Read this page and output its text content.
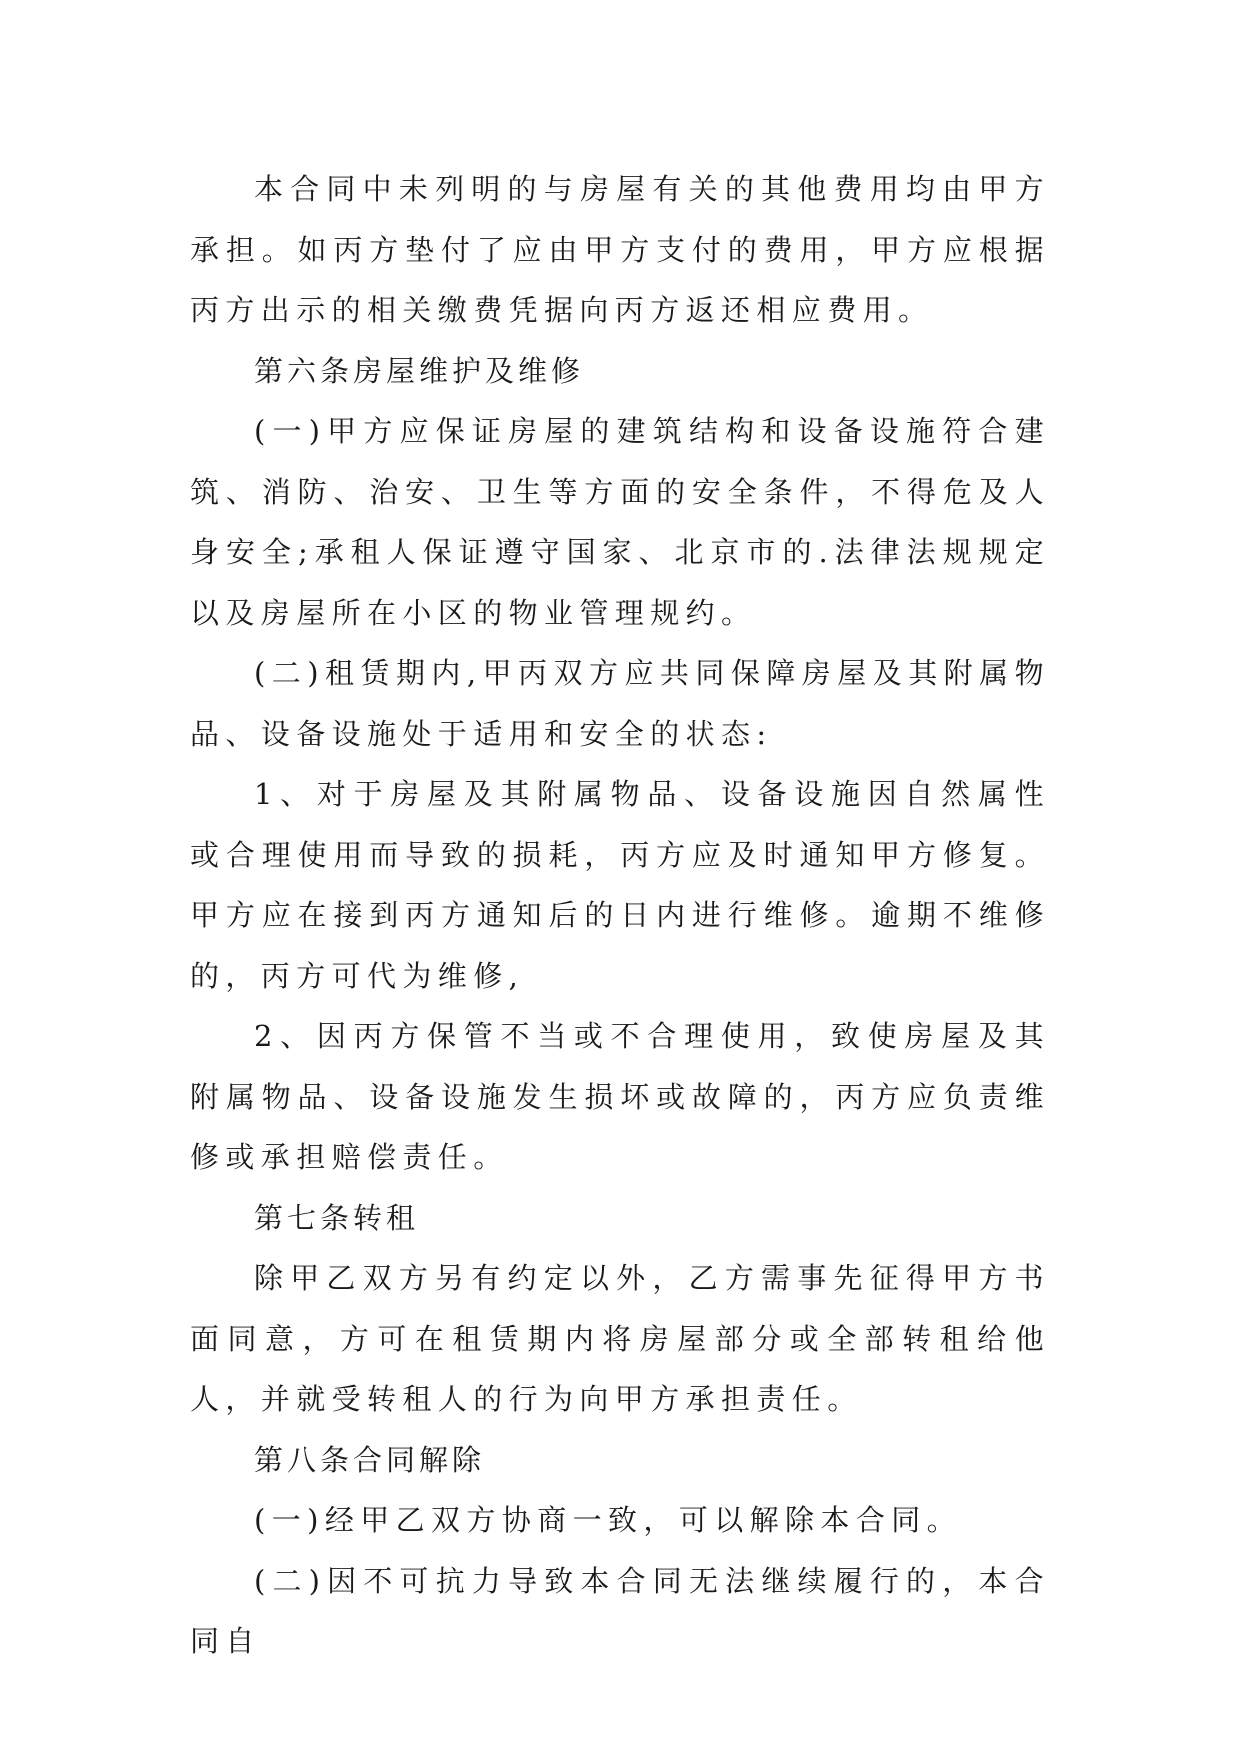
本合同中未列明的与房屋有关的其他费用均由甲方承担。如丙方垫付了应由甲方支付的费用，甲方应根据丙方出示的相关缴费凭据向丙方返还相应费用。

第六条房屋维护及维修

(一)甲方应保证房屋的建筑结构和设备设施符合建筑、消防、治安、卫生等方面的安全条件，不得危及人身安全;承租人保证遵守国家、北京市的.法律法规规定以及房屋所在小区的物业管理规约。

(二)租赁期内,甲丙双方应共同保障房屋及其附属物品、设备设施处于适用和安全的状态:

1、对于房屋及其附属物品、设备设施因自然属性或合理使用而导致的损耗，丙方应及时通知甲方修复。甲方应在接到丙方通知后的日内进行维修。逾期不维修的，丙方可代为维修,

2、因丙方保管不当或不合理使用，致使房屋及其附属物品、设备设施发生损坏或故障的，丙方应负责维修或承担赔偿责任。

第七条转租

除甲乙双方另有约定以外，乙方需事先征得甲方书面同意，方可在租赁期内将房屋部分或全部转租给他人，并就受转租人的行为向甲方承担责任。

第八条合同解除

(一)经甲乙双方协商一致，可以解除本合同。

(二)因不可抗力导致本合同无法继续履行的，本合同自
